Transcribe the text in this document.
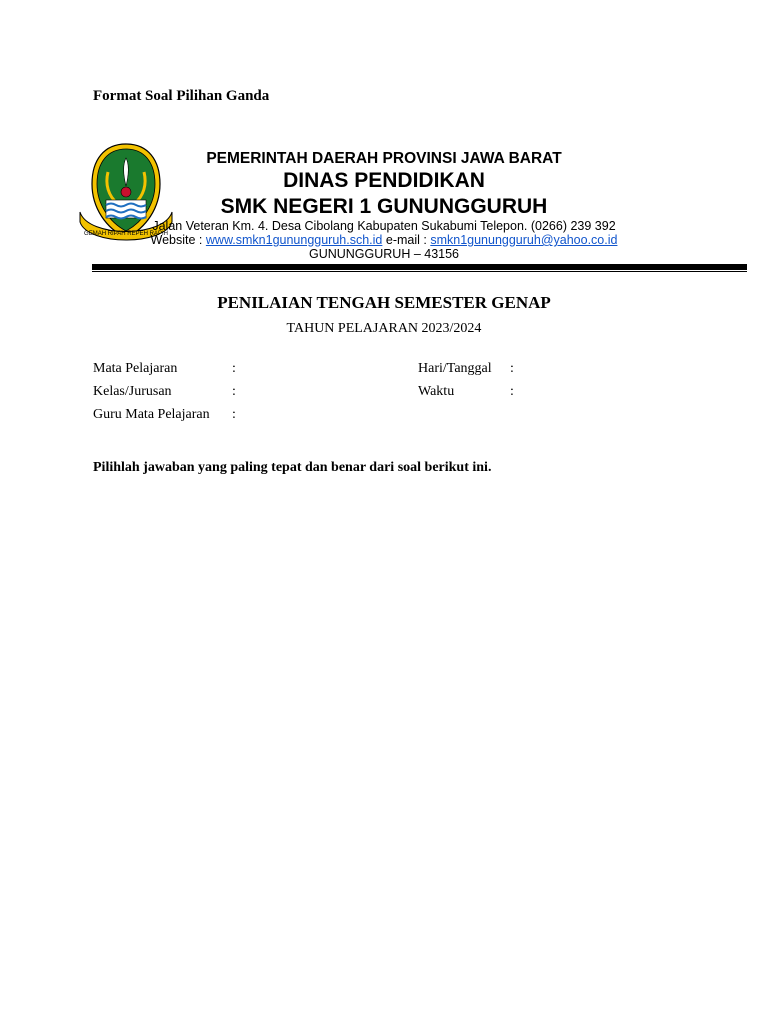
Format Soal Pilihan Ganda
GEMAH RIPAH REPEH RAPIH
PEMERINTAH DAERAH PROVINSI JAWA BARAT
DINAS PENDIDIKAN
SMK NEGERI 1 GUNUNGGURUH
Jalan Veteran Km. 4. Desa Cibolang Kabupaten Sukabumi Telepon. (0266) 239 392
Website : www.smkn1gunungguruh.sch.id e-mail : smkn1gunungguruh@yahoo.co.id
GUNUNGGURUH – 43156
PENILAIAN TENGAH SEMESTER GENAP
TAHUN PELAJARAN 2023/2024
Mata Pelajaran	:	Hari/Tanggal :
Kelas/Jurusan	:	Waktu	:
Guru Mata Pelajaran :
Pilihlah jawaban yang paling tepat dan benar dari soal berikut ini.
